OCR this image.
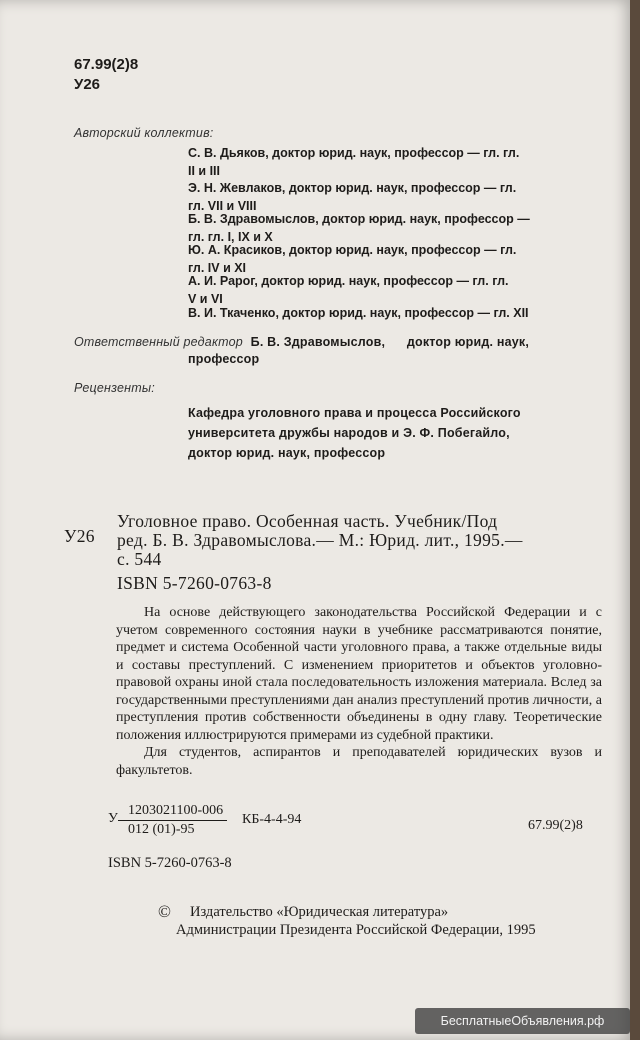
67.99(2)8
У26
Авторский коллектив:
С. В. Дьяков, доктор юрид. наук, профессор — гл. гл.
II и III
Э. Н. Жевлаков, доктор юрид. наук, профессор — гл.
гл. VII и VIII
Б. В. Здравомыслов, доктор юрид. наук, профессор —
гл. гл. I, IX и X
Ю. А. Красиков, доктор юрид. наук, профессор — гл.
гл. IV и XI
А. И. Рарог, доктор юрид. наук, профессор — гл. гл.
V и VI
В. И. Ткаченко, доктор юрид. наук, профессор — гл. XII
Ответственный редактор Б. В. Здравомыслов, доктор юрид. наук,
профессор
Рецензенты:
Кафедра уголовного права и процесса Российского
университета дружбы народов и Э. Ф. Побегайло,
доктор юрид. наук, профессор
У26
Уголовное право. Особенная часть. Учебник/Под
ред. Б. В. Здравомыслова.— М.: Юрид. лит., 1995.—
с. 544
ISBN 5-7260-0763-8

На основе действующего законодательства Российской Федерации и с учетом современного состояния науки в учебнике рассматриваются понятие, предмет и система Особенной части уголовного права, а также отдельные виды и составы преступлений. С изменением приоритетов и объектов уголовно-правовой охраны иной стала последовательность изложения материала. Вслед за государственными преступлениями дан анализ преступлений против личности, а преступления против собственности объединены в одну главу. Теоретические положения иллюстрируются примерами из судебной практики.

Для студентов, аспирантов и преподавателей юридических вузов и факультетов.

У
1203021100-006
012 (01)-95
КБ-4-4-94	67.99(2)8
ISBN 5-7260-0763-8
© Издательство «Юридическая литература»
Администрации Президента Российской Федерации, 1995
БесплатныеОбъявления.рф
